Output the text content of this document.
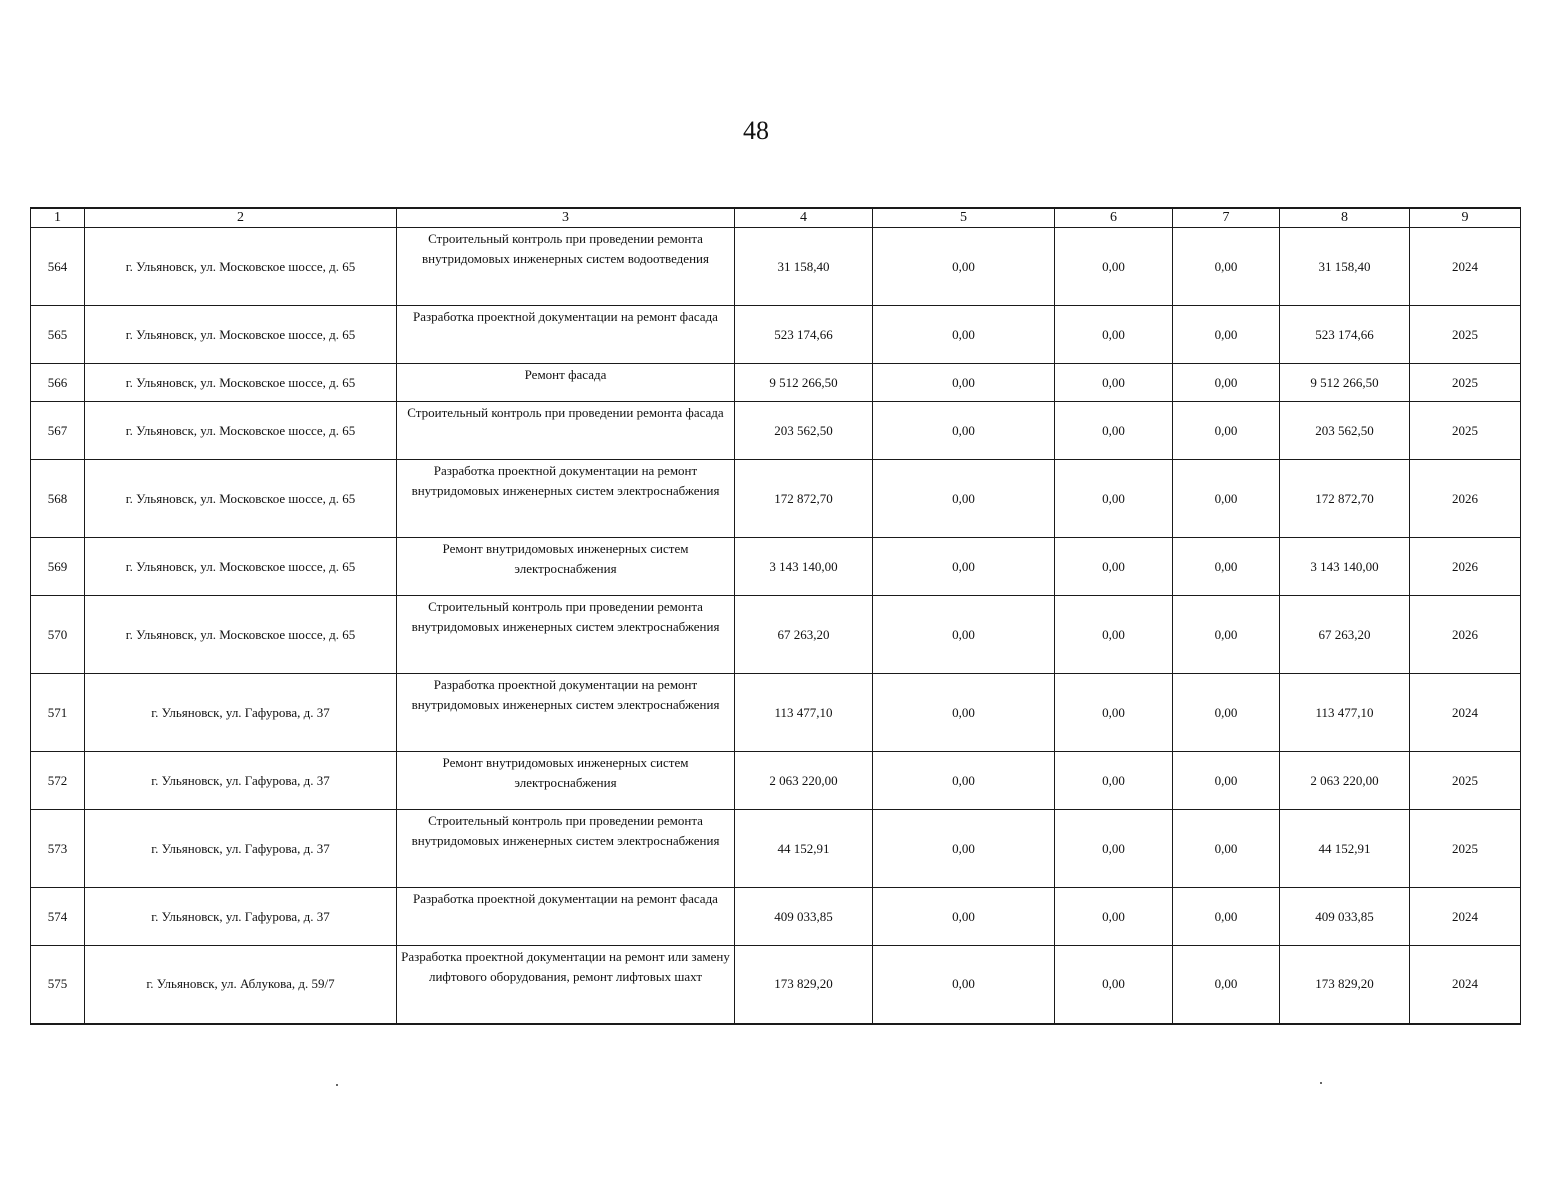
48
1	2	3	4	5	6	7	8	9
564	г. Ульяновск, ул. Московское шоссе, д. 65	Строительный контроль при проведении ремонта внутридомовых инженерных систем водоотведения	31 158,40	0,00	0,00	0,00	31 158,40	2024
565	г. Ульяновск, ул. Московское шоссе, д. 65	Разработка проектной документации на ремонт фасада	523 174,66	0,00	0,00	0,00	523 174,66	2025
566	г. Ульяновск, ул. Московское шоссе, д. 65	Ремонт фасада	9 512 266,50	0,00	0,00	0,00	9 512 266,50	2025
567	г. Ульяновск, ул. Московское шоссе, д. 65	Строительный контроль при проведении ремонта фасада	203 562,50	0,00	0,00	0,00	203 562,50	2025
568	г. Ульяновск, ул. Московское шоссе, д. 65	Разработка проектной документации на ремонт внутридомовых инженерных систем электроснабжения	172 872,70	0,00	0,00	0,00	172 872,70	2026
569	г. Ульяновск, ул. Московское шоссе, д. 65	Ремонт внутридомовых инженерных систем электроснабжения	3 143 140,00	0,00	0,00	0,00	3 143 140,00	2026
570	г. Ульяновск, ул. Московское шоссе, д. 65	Строительный контроль при проведении ремонта внутридомовых инженерных систем электроснабжения	67 263,20	0,00	0,00	0,00	67 263,20	2026
571	г. Ульяновск, ул. Гафурова, д. 37	Разработка проектной документации на ремонт внутридомовых инженерных систем электроснабжения	113 477,10	0,00	0,00	0,00	113 477,10	2024
572	г. Ульяновск, ул. Гафурова, д. 37	Ремонт внутридомовых инженерных систем электроснабжения	2 063 220,00	0,00	0,00	0,00	2 063 220,00	2025
573	г. Ульяновск, ул. Гафурова, д. 37	Строительный контроль при проведении ремонта внутридомовых инженерных систем электроснабжения	44 152,91	0,00	0,00	0,00	44 152,91	2025
574	г. Ульяновск, ул. Гафурова, д. 37	Разработка проектной документации на ремонт фасада	409 033,85	0,00	0,00	0,00	409 033,85	2024
575	г. Ульяновск, ул. Аблукова, д. 59/7	Разработка проектной документации на ремонт или замену лифтового оборудования, ремонт лифтовых шахт	173 829,20	0,00	0,00	0,00	173 829,20	2024
